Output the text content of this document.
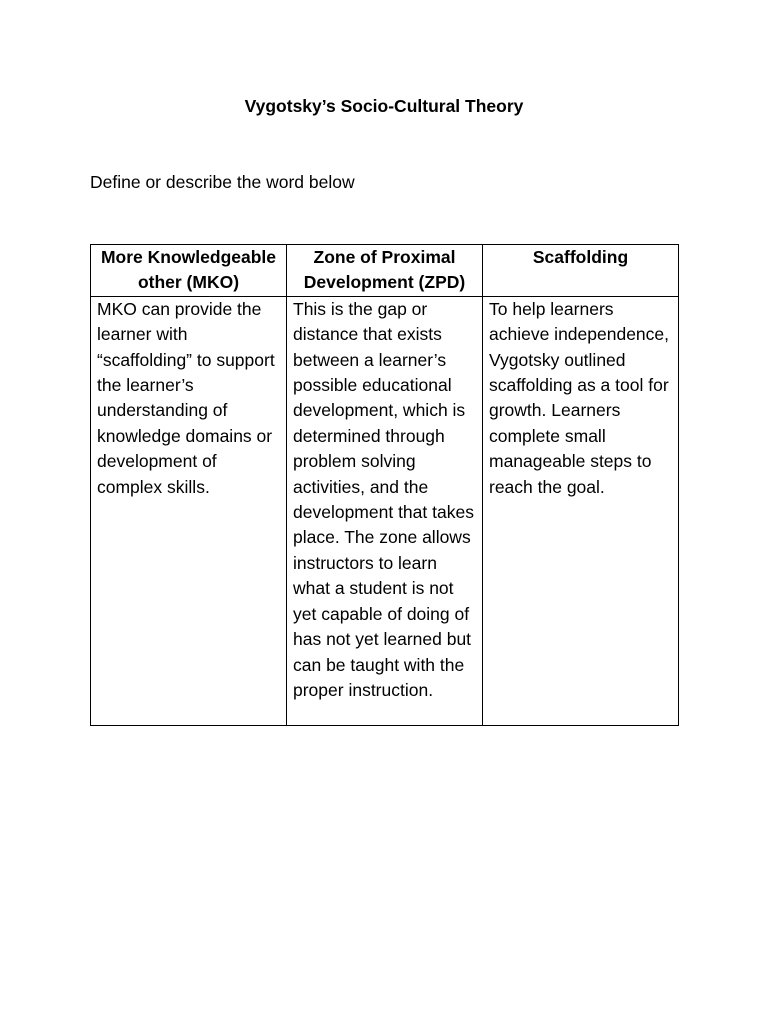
Vygotsky’s Socio-Cultural Theory

Define or describe the word below

More Knowledgeable other (MKO)	Zone of Proximal Development (ZPD)	Scaffolding
MKO can provide the learner with “scaffolding” to support the learner’s understanding of knowledge domains or development of complex skills.	This is the gap or distance that exists between a learner’s possible educational development, which is determined through problem solving activities, and the development that takes place. The zone allows instructors to learn what a student is not yet capable of doing of has not yet learned but can be taught with the proper instruction.	To help learners achieve independence, Vygotsky outlined scaffolding as a tool for growth. Learners complete small manageable steps to reach the goal.
